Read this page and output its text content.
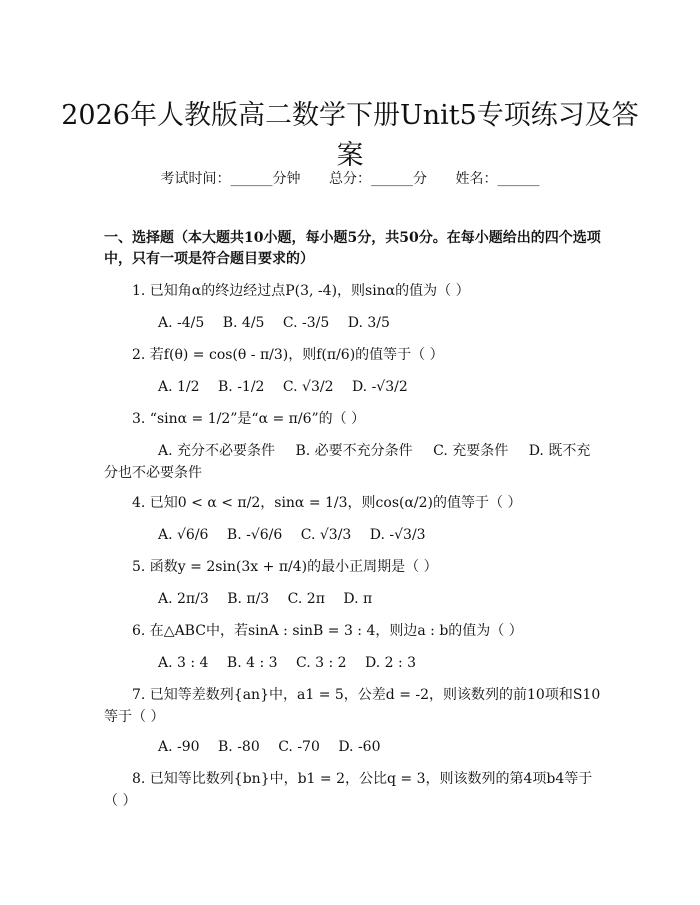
2026年人教版高二数学下册Unit5专项练习及答案
考试时间：______分钟 总分：______分 姓名：______
一、选择题（本大题共10小题，每小题5分，共50分。在每小题给出的四个选项中，只有一项是符合题目要求的）

1. 已知角α的终边经过点P(3, -4)，则sinα的值为（ ）

A. -4/5 B. 4/5 C. -3/5 D. 3/5

2. 若f(θ) = cos(θ - π/3)，则f(π/6)的值等于（ ）

A. 1/2 B. -1/2 C. √3/2 D. -√3/2

3. “sinα = 1/2”是“α = π/6”的（ ）

A. 充分不必要条件 B. 必要不充分条件 C. 充要条件 D. 既不充分也不必要条件

4. 已知0 < α < π/2，sinα = 1/3，则cos(α/2)的值等于（ ）

A. √6/6 B. -√6/6 C. √3/3 D. -√3/3

5. 函数y = 2sin(3x + π/4)的最小正周期是（ ）

A. 2π/3 B. π/3 C. 2π D. π

6. 在△ABC中，若sinA : sinB = 3 : 4，则边a : b的值为（ ）

A. 3 : 4 B. 4 : 3 C. 3 : 2 D. 2 : 3

7. 已知等差数列{an}中，a1 = 5，公差d = -2，则该数列的前10项和S10等于（ ）

A. -90 B. -80 C. -70 D. -60

8. 已知等比数列{bn}中，b1 = 2，公比q = 3，则该数列的第4项b4等于（ ）
